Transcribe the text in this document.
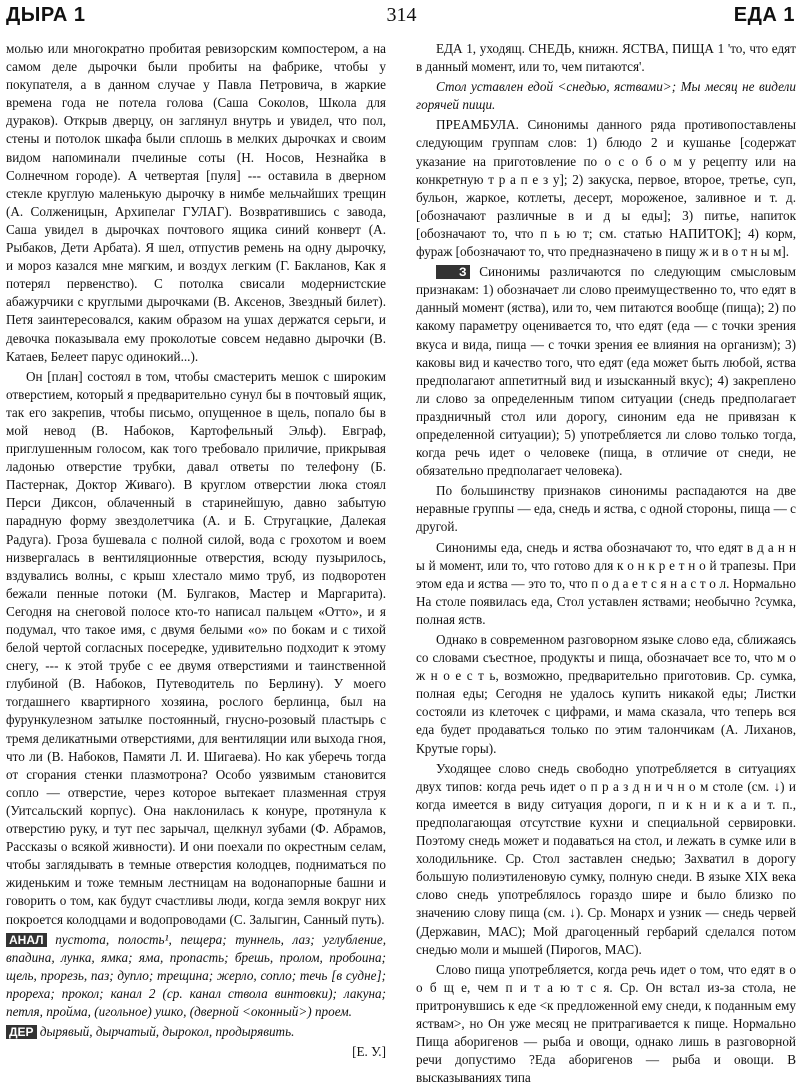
ДЫРА 1	314	ЕДА 1

молью или многократно пробитая ревизорским компостером, а на самом деле дырочки были пробиты на фабрике, чтобы у покупателя, а в данном случае у Павла Петровича, в жаркие времена года не потела голова (Саша Соколов, Школа для дураков). Открыв дверцу, он заглянул внутрь и увидел, что пол, стены и потолок шкафа были сплошь в мелких дырочках и своим видом напоминали пчелиные соты (Н. Носов, Незнайка в Солнечном городе). А четвертая [пуля] --- оставила в дверном стекле круглую маленькую дырочку в нимбе мельчайших трещин (А. Солженицын, Архипелаг ГУЛАГ). Возвратившись с завода, Саша увидел в дырочках почтового ящика синий конверт (А. Рыбаков, Дети Арбата). Я шел, отпустив ремень на одну дырочку, и мороз казался мне мягким, и воздух легким (Г. Бакланов, Как я потерял первенство). С потолка свисали модернистские абажурчики с круглыми дырочками (В. Аксенов, Звездный билет). Петя заинтересовался, каким образом на ушах держатся серьги, и девочка показывала ему проколотые совсем недавно дырочки (В. Катаев, Белеет парус одинокий...).

Он [план] состоял в том, чтобы смастерить мешок с широким отверстием, который я предварительно сунул бы в почтовый ящик, так его закрепив, чтобы письмо, опущенное в щель, попало бы в мой невод (В. Набоков, Картофельный Эльф). Евграф, приглушенным голосом, как того требовало приличие, прикрывая ладонью отверстие трубки, давал ответы по телефону (Б. Пастернак, Доктор Живаго). В круглом отверстии люка стоял Перси Диксон, облаченный в старинейшую, давно забытую парадную форму звездолетчика (А. и Б. Стругацкие, Далекая Радуга). Гроза бушевала с полной силой, вода с грохотом и воем низвергалась в вентиляционные отверстия, всюду пузырилось, вздувались волны, с крыш хлестало мимо труб, из подворотен бежали пенные потоки (М. Булгаков, Мастер и Маргарита). Сегодня на снеговой полосе кто-то написал пальцем «Отто», и я подумал, что такое имя, с двумя белыми «о» по бокам и с тихой белой чертой согласных посередке, удивительно подходит к этому снегу, --- к этой трубе с ее двумя отверстиями и таинственной глубиной (В. Набоков, Путеводитель по Берлину). У моего тогдашнего квартирного хозяина, рослого берлинца, был на фурункулезном затылке постоянный, гнусно-розовый пластырь с тремя деликатными отверстиями, для вентиляции или выхода гноя, что ли (В. Набоков, Памяти Л. И. Шигаева). Но как уберечь тогда от сгорания стенки плазмотрона? Особо уязвимым становится сопло — отверстие, через которое вытекает плазменная струя (Уитсальский корпус). Она наклонилась к конуре, протянула к отверстию руку, и тут пес зарычал, щелкнул зубами (Ф. Абрамов, Рассказы о всякой живности). И они поехали по окрестным селам, чтобы заглядывать в темные отверстия колодцев, подниматься по жиденьким и тоже темным лестницам на водонапорные башни и говорить о том, как будут счастливы люди, когда земля вокруг них покроется колодцами и водопроводами (С. Залыгин, Санный путь).

АНАЛ пустота, полость¹, пещера; туннель, лаз; углубление, впадина, лунка, ямка; яма, пропасть; брешь, пролом, пробоина; щель, прорезь, паз; дупло; трещина; жерло, сопло; течь [в судне]; прореха; прокол; канал 2 (ср. канал ствола винтовки); лакуна; петля, пройма, (игольное) ушко, (дверной <оконный>) проем.

ДЕР дырявый, дырчатый, дырокол, продырявить.

[Е. У.]

ЕДА 1, уходящ. СНЕДЬ, книжн. ЯСТВА, ПИЩА 1 'то, что едят в данный момент, или то, чем питаются'.

Стол уставлен едой <снедью, яствами>; Мы месяц не видели горячей пищи.

ПРЕАМБУЛА. Синонимы данного ряда противопоставлены следующим группам слов: 1) блюдо 2 и кушанье [содержат указание на приготовление по о с о б о м у рецепту или на конкретную т р а п е з у]; 2) закуска, первое, второе, третье, суп, бульон, жаркое, котлеты, десерт, мороженое, заливное и т. д. [обозначают различные в и д ы еды]; 3) питье, напиток [обозначают то, что п ь ю т; см. статью НАПИТОК]; 4) корм, фураж [обозначают то, что предназначено в пищу ж и в о т н ы м].

З Синонимы различаются по следующим смысловым признакам: 1) обозначает ли слово преимущественно то, что едят в данный момент (яства), или то, чем питаются вообще (пища); 2) по какому параметру оценивается то, что едят (еда — с точки зрения вкуса и вида, пища — с точки зрения ее влияния на организм); 3) каковы вид и качество того, что едят (еда может быть любой, яства предполагают аппетитный вид и изысканный вкус); 4) закреплено ли слово за определенным типом ситуации (снедь предполагает праздничный стол или дорогу, синоним еда не привязан к определенной ситуации); 5) употребляется ли слово только тогда, когда речь идет о человеке (пища, в отличие от снеди, не обязательно предполагает человека).

По большинству признаков синонимы распадаются на две неравные группы — еда, снедь и яства, с одной стороны, пища — с другой.

Синонимы еда, снедь и яства обозначают то, что едят в д а н н ы й момент, или то, что готово для к о н к р е т н о й трапезы. При этом еда и яства — это то, что п о д а е т с я н а с т о л. Нормально На столе появилась еда, Стол уставлен яствами; необычно ?сумка, полная яств.

Однако в современном разговорном языке слово еда, сближаясь со словами съестное, продукты и пища, обозначает все то, что м о ж н о е с т ь, возможно, предварительно приготовив. Ср. сумка, полная еды; Сегодня не удалось купить никакой еды; Листки состояли из клеточек с цифрами, и мама сказала, что теперь вся еда будет продаваться только по этим талончикам (А. Лиханов, Крутые горы).

Уходящее слово снедь свободно употребляется в ситуациях двух типов: когда речь идет о п р а з д н и ч н о м столе (см. ↓) и когда имеется в виду ситуация дороги, п и к н и к а и т. п., предполагающая отсутствие кухни и специальной сервировки. Поэтому снедь может и подаваться на стол, и лежать в сумке или в холодильнике. Ср. Стол заставлен снедью; Захватил в дорогу большую полиэтиленовую сумку, полную снеди. В языке XIX века слово снедь употреблялось гораздо шире и было близко по значению слову пища (см. ↓). Ср. Монарх и узник — снедь червей (Державин, МАС); Мой драгоценный гербарий сделался потом снедью моли и мышей (Пирогов, МАС).

Слово пища употребляется, когда речь идет о том, что едят в о о б щ е, чем п и т а ю т с я. Ср. Он встал из-за стола, не притронувшись к еде <к предложенной ему снеди, к поданным ему яствам>, но Он уже месяц не притрагивается к пище. Нормально Пища аборигенов — рыба и овощи, однако лишь в разговорной речи допустимо ?Еда аборигенов — рыба и овощи. В высказываниях типа
